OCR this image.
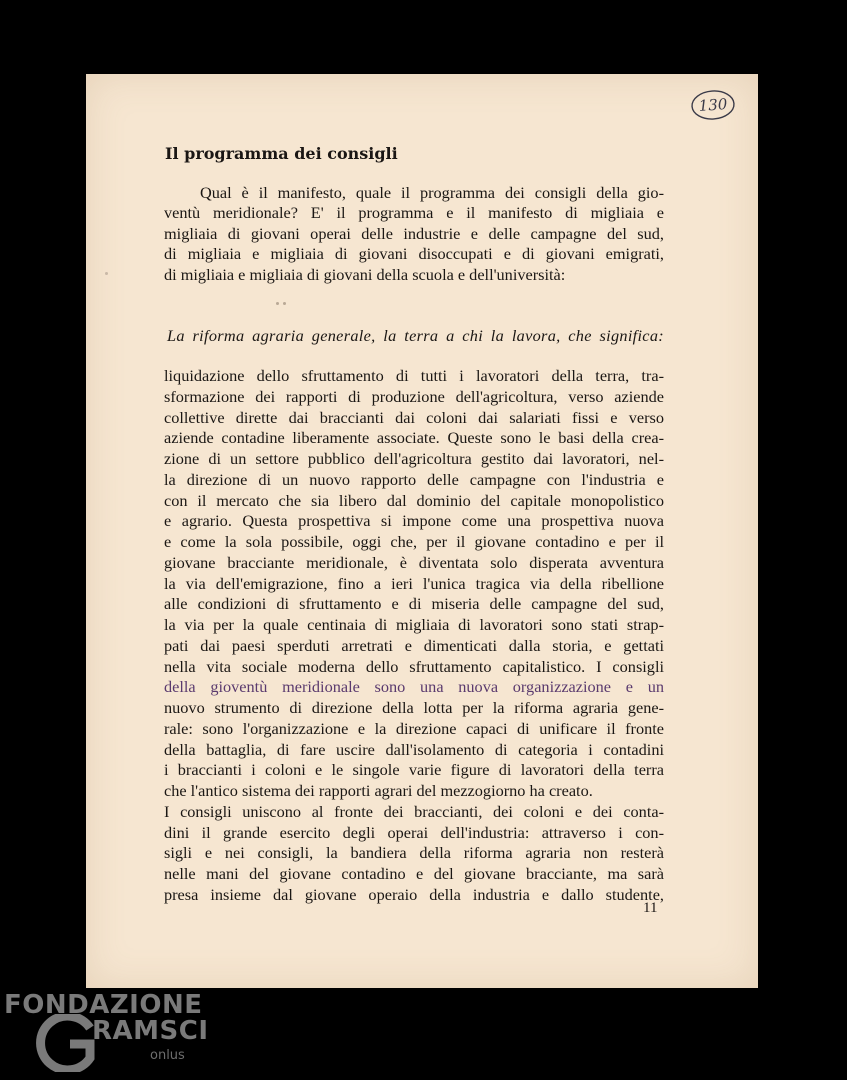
130
Il programma dei consigli
Qual è il manifesto, quale il programma dei consigli della gio-
ventù meridionale? E' il programma e il manifesto di migliaia e
migliaia di giovani operai delle industrie e delle campagne del sud,
di migliaia e migliaia di giovani disoccupati e di giovani emigrati,
di migliaia e migliaia di giovani della scuola e dell'università:
La riforma agraria generale, la terra a chi la lavora, che significa:
liquidazione dello sfruttamento di tutti i lavoratori della terra, tra-
sformazione dei rapporti di produzione dell'agricoltura, verso aziende
collettive dirette dai braccianti dai coloni dai salariati fissi e verso
aziende contadine liberamente associate. Queste sono le basi della crea-
zione di un settore pubblico dell'agricoltura gestito dai lavoratori, nel-
la direzione di un nuovo rapporto delle campagne con l'industria e
con il mercato che sia libero dal dominio del capitale monopolistico
e agrario. Questa prospettiva si impone come una prospettiva nuova
e come la sola possibile, oggi che, per il giovane contadino e per il
giovane bracciante meridionale, è diventata solo disperata avventura
la via dell'emigrazione, fino a ieri l'unica tragica via della ribellione
alle condizioni di sfruttamento e di miseria delle campagne del sud,
la via per la quale centinaia di migliaia di lavoratori sono stati strap-
pati dai paesi sperduti arretrati e dimenticati dalla storia, e gettati
nella vita sociale moderna dello sfruttamento capitalistico. I consigli
della gioventù meridionale sono una nuova organizzazione e un
nuovo strumento di direzione della lotta per la riforma agraria gene-
rale: sono l'organizzazione e la direzione capaci di unificare il fronte
della battaglia, di fare uscire dall'isolamento di categoria i contadini
i braccianti i coloni e le singole varie figure di lavoratori della terra
che l'antico sistema dei rapporti agrari del mezzogiorno ha creato.
I consigli uniscono al fronte dei braccianti, dei coloni e dei conta-
dini il grande esercito degli operai dell'industria: attraverso i con-
sigli e nei consigli, la bandiera della riforma agraria non resterà
nelle mani del giovane contadino e del giovane bracciante, ma sarà
presa insieme dal giovane operaio della industria e dallo studente,
11
FONDAZIONE
RAMSCI
onlus
